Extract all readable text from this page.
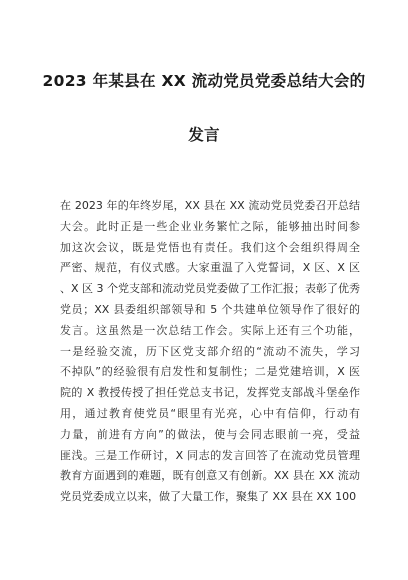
2023 年某县在 XX 流动党员党委总结大会的
发言
在 2023 年的年终岁尾，XX 县在 XX 流动党员党委召开总结
大会。此时正是一些企业业务繁忙之际，能够抽出时间参
加这次会议，既是党悟也有责任。我们这个会组织得周全
严密、规范，有仪式感。大家重温了入党誓词，X 区、X 区
、X 区 3 个党支部和流动党员党委做了工作汇报；表彰了优秀
党员；XX 县委组织部领导和 5 个共建单位领导作了很好的
发言。这虽然是一次总结工作会。实际上还有三个功能，
一是经验交流，历下区党支部介绍的“流动不流失，学习
不掉队”的经验很有启发性和复制性；二是党建培训，X 医
院的 X 教授传授了担任党总支书记，发挥党支部战斗堡垒作
用，通过教育使党员“眼里有光亮，心中有信仰，行动有
力量，前进有方向”的做法，使与会同志眼前一亮，受益
匪浅。三是工作研讨，X 同志的发言回答了在流动党员管理
教育方面遇到的难题，既有创意又有创新。XX 县在 XX 流动
党员党委成立以来，做了大量工作，聚集了 XX 县在 XX 100
